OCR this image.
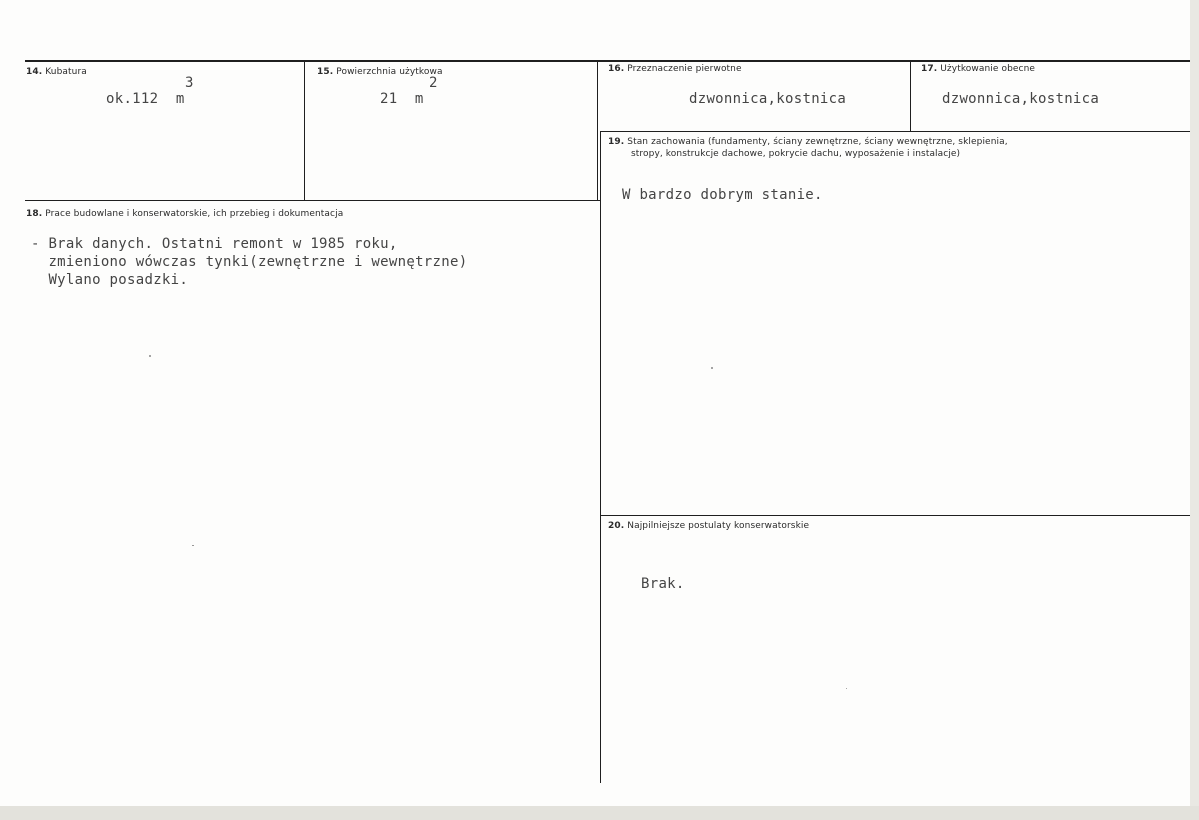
14. Kubatura
3
ok.112  m
15. Powierzchnia użytkowa
2
21  m
16. Przeznaczenie pierwotne
dzwonnica,kostnica
17. Użytkowanie obecne
dzwonnica,kostnica
18. Prace budowlane i konserwatorskie, ich przebieg i dokumentacja
- Brak danych. Ostatni remont w 1985 roku,
zmieniono wówczas tynki(zewnętrzne i wewnętrzne)
Wylano posadzki.
19. Stan zachowania (fundamenty, ściany zewnętrzne, ściany wewnętrzne, sklepienia,
stropy, konstrukcje dachowe, pokrycie dachu, wyposażenie i instalacje)
W bardzo dobrym stanie.
20. Najpilniejsze postulaty konserwatorskie
Brak.
